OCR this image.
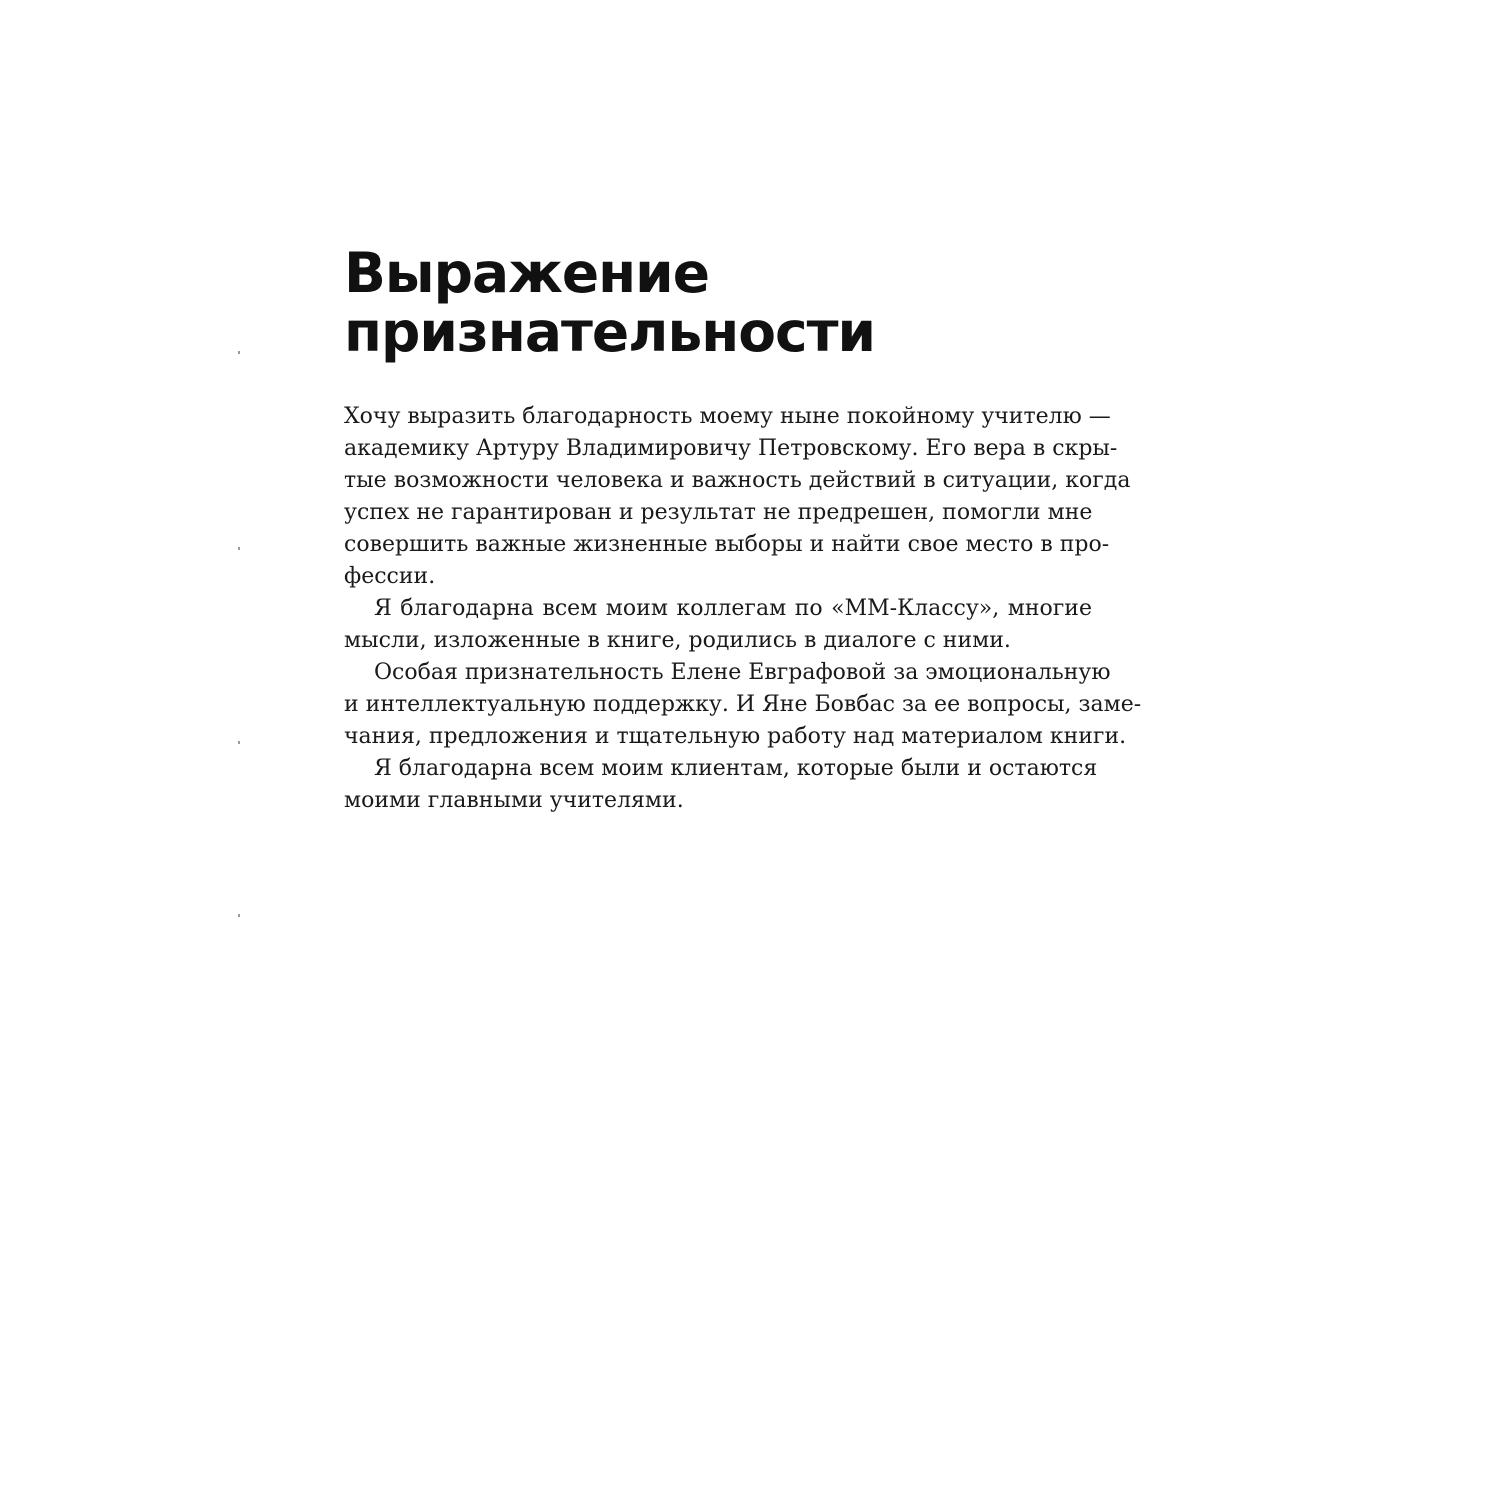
Выражение
признательности
Хочу выразить благодарность моему ныне покойному учителю —
академику Артуру Владимировичу Петровскому. Его вера в скры-
тые возможности человека и важность действий в ситуации, когда
успех не гарантирован и результат не предрешен, помогли мне
совершить важные жизненные выборы и найти свое место в про-
фессии.
Я благодарна всем моим коллегам по «ММ-Классу», многие
мысли, изложенные в книге, родились в диалоге с ними.
Особая признательность Елене Евграфовой за эмоциональную
и интеллектуальную поддержку. И Яне Бовбас за ее вопросы, заме-
чания, предложения и тщательную работу над материалом книги.
Я благодарна всем моим клиентам, которые были и остаются
моими главными учителями.
